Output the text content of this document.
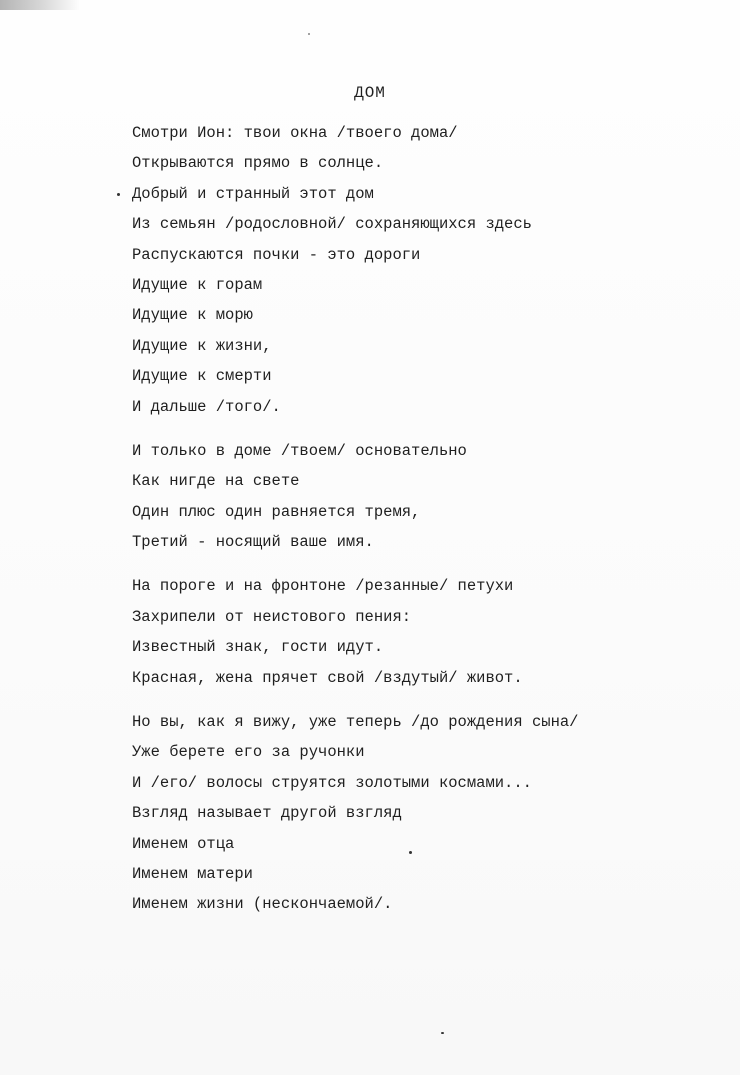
ДОМ
Смотри Ион: твои окна /твоего дома/
Открываются прямо в солнце.
Добрый и странный этот дом
Из семьян /родословной/ сохраняющихся здесь
Распускаются почки - это дороги
Идущие к горам
Идущие к морю
Идущие к жизни,
Идущие к смерти
И дальше /того/.
И только в доме /твоем/ основательно
Как нигде на свете
Один плюс один равняется тремя,
Третий - носящий ваше имя.
На пороге и на фронтоне /резанные/ петухи
Захрипели от неистового пения:
Известный знак, гости идут.
Красная, жена прячет свой /вздутый/ живот.
Но вы, как я вижу, уже теперь /до рождения сына/
Уже берете его за ручонки
И /его/ волосы струятся золотыми космами...
Взгляд называет другой взгляд
Именем отца
Именем матери
Именем жизни (нескончаемой/.
